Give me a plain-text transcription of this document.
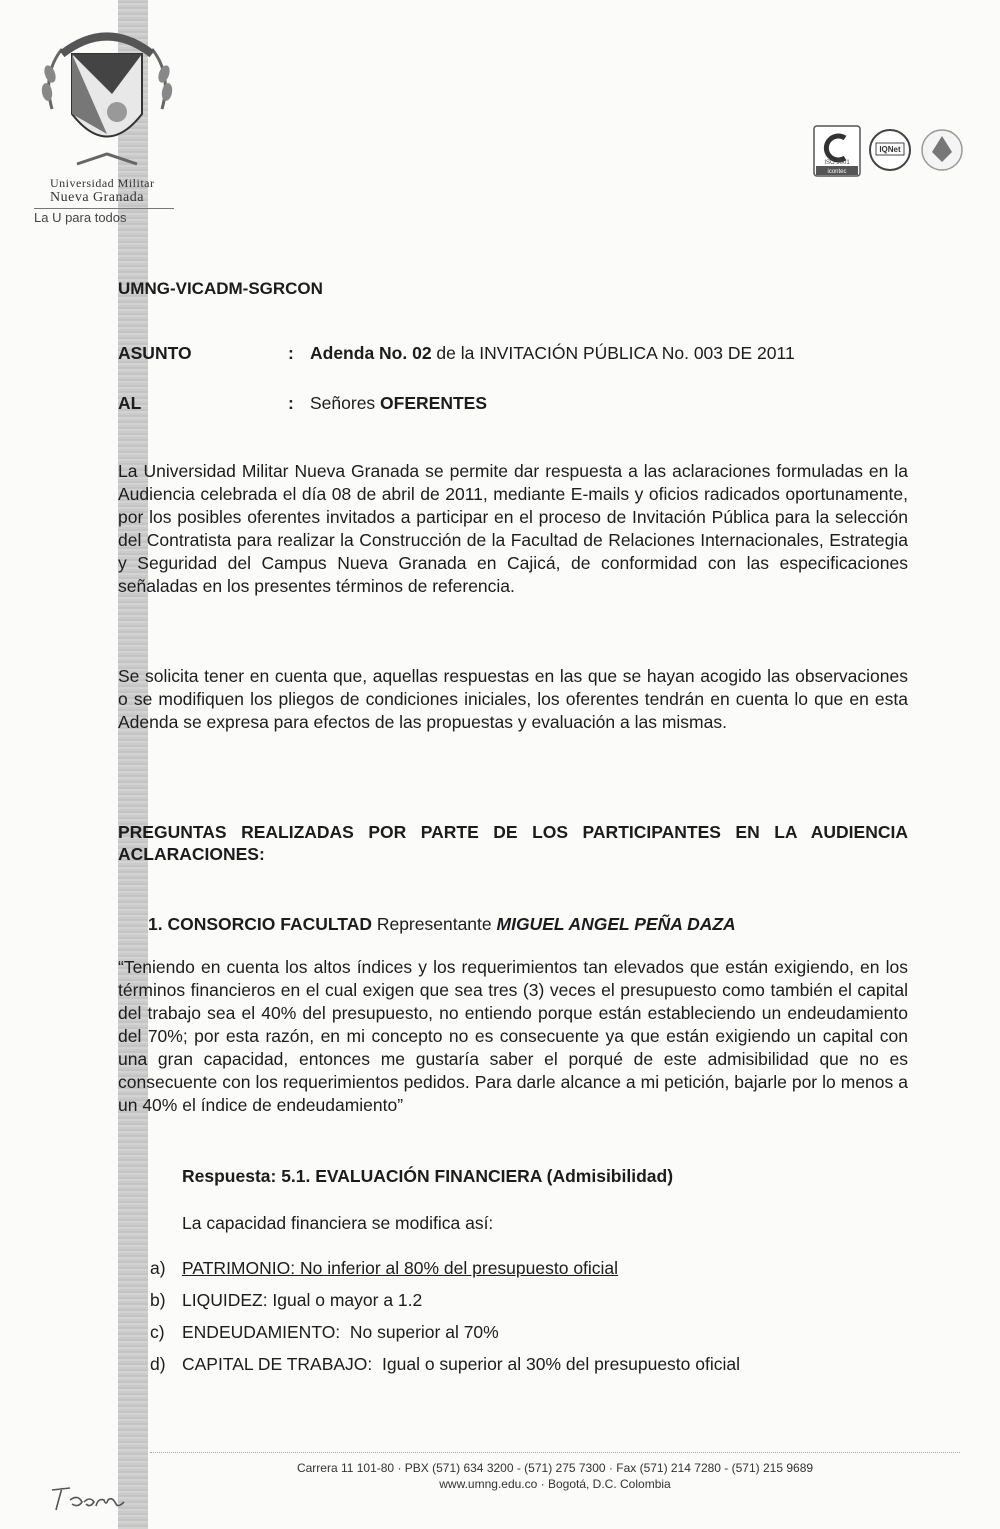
Universidad Militar
Nueva Granada
La U para todos
ISO 9001
icontec
IQNet
UMNG-VICADM-SGRCON
ASUNTO	: Adenda No. 02 de la INVITACIÓN PÚBLICA No. 003 DE 2011
AL	: Señores OFERENTES
La Universidad Militar Nueva Granada se permite dar respuesta a las aclaraciones formuladas en la Audiencia celebrada el día 08 de abril de 2011, mediante E-mails y oficios radicados oportunamente, por los posibles oferentes invitados a participar en el proceso de Invitación Pública para la selección del Contratista para realizar la Construcción de la Facultad de Relaciones Internacionales, Estrategia y Seguridad del Campus Nueva Granada en Cajicá, de conformidad con las especificaciones señaladas en los presentes términos de referencia.
Se solicita tener en cuenta que, aquellas respuestas en las que se hayan acogido las observaciones o se modifiquen los pliegos de condiciones iniciales, los oferentes tendrán en cuenta lo que en esta Adenda se expresa para efectos de las propuestas y evaluación a las mismas.
PREGUNTAS REALIZADAS POR PARTE DE LOS PARTICIPANTES EN LA AUDIENCIA ACLARACIONES:
1. CONSORCIO FACULTAD Representante MIGUEL ANGEL PEÑA DAZA
“Teniendo en cuenta los altos índices y los requerimientos tan elevados que están exigiendo, en los términos financieros en el cual exigen que sea tres (3) veces el presupuesto como también el capital del trabajo sea el 40% del presupuesto, no entiendo porque están estableciendo un endeudamiento del 70%; por esta razón, en mi concepto no es consecuente ya que están exigiendo un capital con una gran capacidad, entonces me gustaría saber el porqué de este admisibilidad que no es consecuente con los requerimientos pedidos. Para darle alcance a mi petición, bajarle por lo menos a un 40% el índice de endeudamiento”
Respuesta: 5.1. EVALUACIÓN FINANCIERA (Admisibilidad)
La capacidad financiera se modifica así:
a) PATRIMONIO: No inferior al 80% del presupuesto oficial
b) LIQUIDEZ: Igual o mayor a 1.2
c) ENDEUDAMIENTO:  No superior al 70%
d) CAPITAL DE TRABAJO:  Igual o superior al 30% del presupuesto oficial
Carrera 11 101-80 · PBX (571) 634 3200 - (571) 275 7300 · Fax (571) 214 7280 - (571) 215 9689
www.umng.edu.co · Bogotá, D.C. Colombia
